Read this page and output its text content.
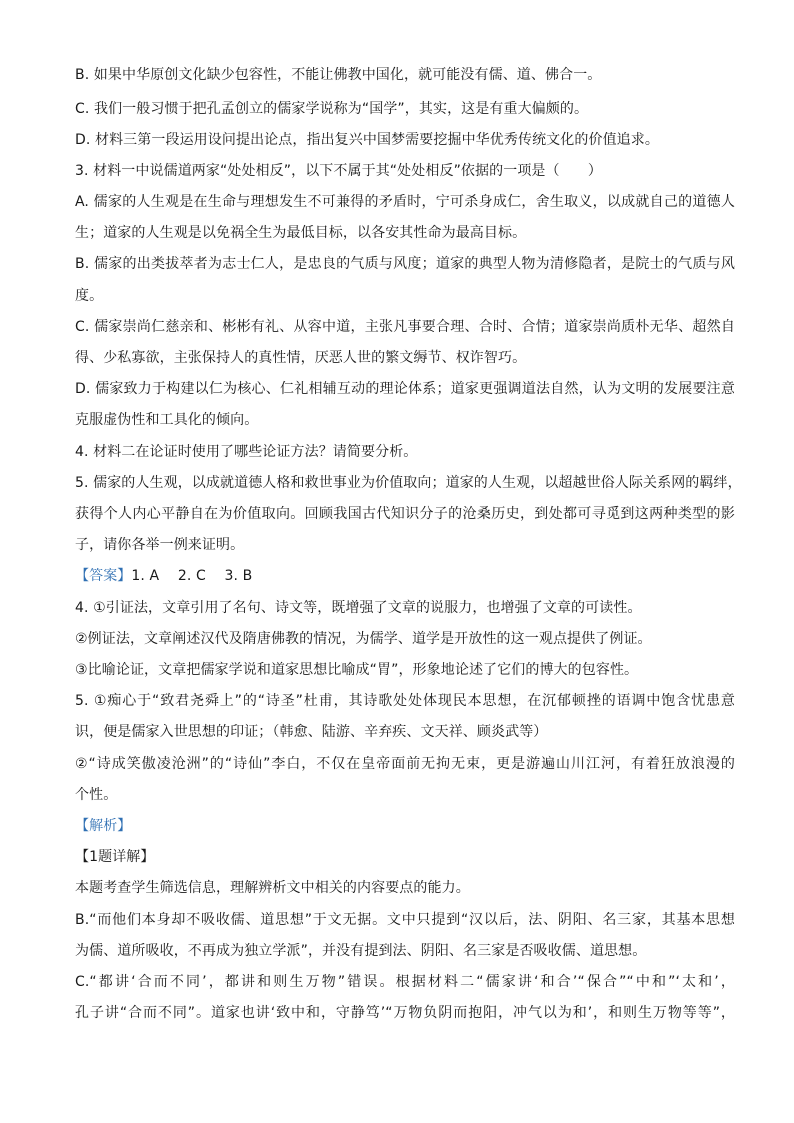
B. 如果中华原创文化缺少包容性，不能让佛教中国化，就可能没有儒、道、佛合一。
C. 我们一般习惯于把孔孟创立的儒家学说称为“国学”，其实，这是有重大偏颇的。
D. 材料三第一段运用设问提出论点，指出复兴中国梦需要挖掘中华优秀传统文化的价值追求。
3. 材料一中说儒道两家“处处相反”，以下不属于其“处处相反”依据的一项是（　　）
A. 儒家的人生观是在生命与理想发生不可兼得的矛盾时，宁可杀身成仁，舍生取义，以成就自己的道德人
生；道家的人生观是以免祸全生为最低目标，以各安其性命为最高目标。
B. 儒家的出类拔萃者为志士仁人，是忠良的气质与风度；道家的典型人物为清修隐者，是院士的气质与风
度。
C. 儒家崇尚仁慈亲和、彬彬有礼、从容中道，主张凡事要合理、合时、合情；道家崇尚质朴无华、超然自
得、少私寡欲，主张保持人的真性情，厌恶人世的繁文缛节、权诈智巧。
D. 儒家致力于构建以仁为核心、仁礼相辅互动的理论体系；道家更强调道法自然，认为文明的发展要注意
克服虚伪性和工具化的倾向。
4. 材料二在论证时使用了哪些论证方法？请简要分析。
5. 儒家的人生观，以成就道德人格和救世事业为价值取向；道家的人生观，以超越世俗人际关系网的羁绊，
获得个人内心平静自在为价值取向。回顾我国古代知识分子的沧桑历史，到处都可寻觅到这两种类型的影
子，请你各举一例来证明。
【答案】1. A　 2. C　 3. B
4. ①引证法，文章引用了名句、诗文等，既增强了文章的说服力，也增强了文章的可读性。
②例证法，文章阐述汉代及隋唐佛教的情况，为儒学、道学是开放性的这一观点提供了例证。
③比喻论证，文章把儒家学说和道家思想比喻成“胃”，形象地论述了它们的博大的包容性。
5. ①痴心于“致君尧舜上”的“诗圣”杜甫，其诗歌处处体现民本思想，在沉郁顿挫的语调中饱含忧患意
识，便是儒家入世思想的印证；（韩愈、陆游、辛弃疾、文天祥、顾炎武等）
②“诗成笑傲凌沧洲”的“诗仙”李白，不仅在皇帝面前无拘无束，更是游遍山川江河，有着狂放浪漫的
个性。
【解析】
【1题详解】
本题考查学生筛选信息，理解辨析文中相关的内容要点的能力。
B.“而他们本身却不吸收儒、道思想”于文无据。文中只提到“汉以后，法、阴阳、名三家，其基本思想
为儒、道所吸收，不再成为独立学派”，并没有提到法、阴阳、名三家是否吸收儒、道思想。
C.“都讲‘合而不同’，都讲和则生万物”错误。根据材料二“儒家讲‘和合’“保合”“中和”‘太和’，
孔子讲“合而不同”。道家也讲‘致中和，守静笃’“万物负阴而抱阳，冲气以为和’，和则生万物等等”，
